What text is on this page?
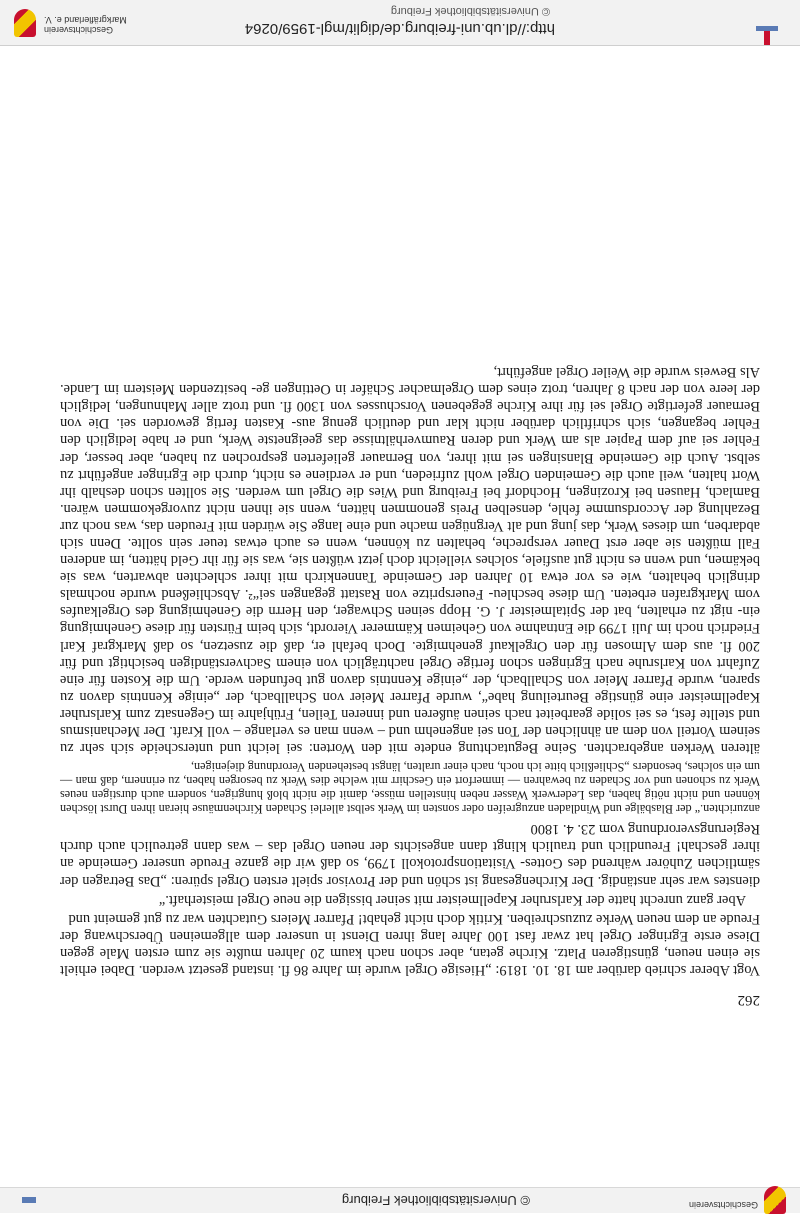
© Universitätsbibliothek Freiburg	Geschichtsverein
262

Vogt Aberer schrieb darüber am 18. 10. 1819: „Hiesige Orgel wurde im Jahre 86 fl. instand gesetzt werden. Dabei erhielt sie einen neuen, günstigeren Platz. Kirche getan, aber schon nach kaum 20 Jahren mußte sie zum ersten Male gegen Diese erste Egringer Orgel hat zwar fast 100 Jahre lang ihren Dienst in unserer dem allgemeinen Überschwang der Freude an dem neuen Werke zuzuschreiben. Kritik doch nicht gehabt! Pfarrer Meiers Gutachten war zu gut gemeint und

Aber ganz unrecht hatte der Karlsruher Kapellmeister mit seiner bissigen die neue Orgel meisterhaft.“

dienstes war sehr anständig. Der Kirchengesang ist schön und der Provisor spielt ersten Orgel spüren: „Das Betragen der sämtlichen Zuhörer während des Gottes- Visitationsprotokoll 1799, so daß wir die ganze Freude unserer Gemeinde an ihrer geschah! Freundlich und traulich klingt dann angesichts der neuen Orgel das – was dann getreulich auch durch Regierungsverordnung vom 23. 4. 1800

anzurichten.“ der Blasbälge und Windladen anzugreifen oder sonsten im Werk selbst allerlei Schaden Kirchenmäuse hieran ihren Durst löschen können und nicht nötig haben, das Lederwerk Wasser neben hinstellen müsse, damit die nicht bloß hungrigen, sondern auch durstigen neues Werk zu schonen und vor Schaden zu bewahren — immerfort ein Geschirr mit welche dies Werk zu besorgen haben, zu erinnern, daß man — um ein solches, besonders „Schließlich bitte ich noch, nach einer uralten, längst bestehenden Verordnung diejenigen,

älteren Werken angebrachten. Seine Begutachtung endete mit den Worten: sei leicht und unterscheide sich sehr zu seinem Vorteil von dem an ähnlichen der Ton sei angenehm und – wenn man es verlange – voll Kraft. Der Mechanismus und stellte fest, es sei solide gearbeitet nach seinen äußeren und inneren Teilen, Frühjahre im Gegensatz zum Karlsruher Kapellmeister eine günstige Beurteilung habe“, wurde Pfarrer Meier von Schallbach, der „einige Kenntnis davon zu sparen, wurde Pfarrer Meier von Schallbach, der „einige Kenntnis davon gut befunden werde. Um die Kosten für eine Zufahrt von Karlsruhe nach Egringen schon fertige Orgel nachträglich von einem Sachverständigen besichtigt und für 200 fl. aus dem Almosen für den Orgelkauf genehmigte. Doch befahl er, daß die zusetzen, so daß Markgraf Karl Friedrich noch im Juli 1799 die Entnahme von Geheimen Kämmerer Vierordt, sich beim Fürsten für diese Genehmigung ein- nigt zu erhalten, bat der Spitalmeister J. G. Hopp seinen Schwager, den Herrn die Genehmigung des Orgelkaufes vom Markgrafen erbeten. Um diese beschleu- Feuerspritze von Rastatt gegangen sei“². Abschließend wurde nochmals dringlich behalten, wie es vor etwa 10 Jahren der Gemeinde Tannenkirch mit ihrer schlechten abwarten, was sie bekämen, und wenn es nicht gut ausfiele, solches vielleicht doch jetzt wüßten sie, was sie für ihr Geld hätten, im anderen Fall müßten sie aber erst Dauer verspreche, behalten zu können, wenn es auch etwas teuer sein sollte. Denn sich abdarben, um dieses Werk, das jung und alt Vergnügen mache und eine lange Sie würden mit Freuden das, was noch zur Bezahlung der Accordsumme fehle, denselben Preis genommen hätten, wenn sie ihnen nicht zuvorgekommen wären. Bamlach, Hausen bei Krozingen, Hochdorf bei Freiburg und Wies die Orgel um werden. Sie sollten schon deshalb ihr Wort halten, weil auch die Gemeinden Orgel wohl zufrieden, und er verdiene es nicht, durch die Egringer angeführt zu selbst. Auch die Gemeinde Blansingen sei mit ihrer, von Bernauer gelieferten gesprochen zu haben, aber besser, der Fehler sei auf dem Papier als am Werk und deren Raumverhältnisse das geeignetste Werk, und er habe lediglich den Fehler begangen, sich schriftlich darüber nicht klar und deutlich genug aus- Kasten fertig geworden sei. Die von Bernauer gefertigte Orgel sei für ihre Kirche gegebenen Vorschusses von 1300 fl. und trotz aller Mahnungen, lediglich der leere von der nach 8 Jahren, trotz eines dem Orgelmacher Schäfer in Oettingen ge- besitzenden Meistern im Lande. Als Beweis wurde die Weiler Orgel angeführt,

http://dl.ub.uni-freiburg.de/diglit/mgl-1959/0264
© Universitätsbibliothek Freiburg
Geschichtsverein
Markgräflerland e. V.
